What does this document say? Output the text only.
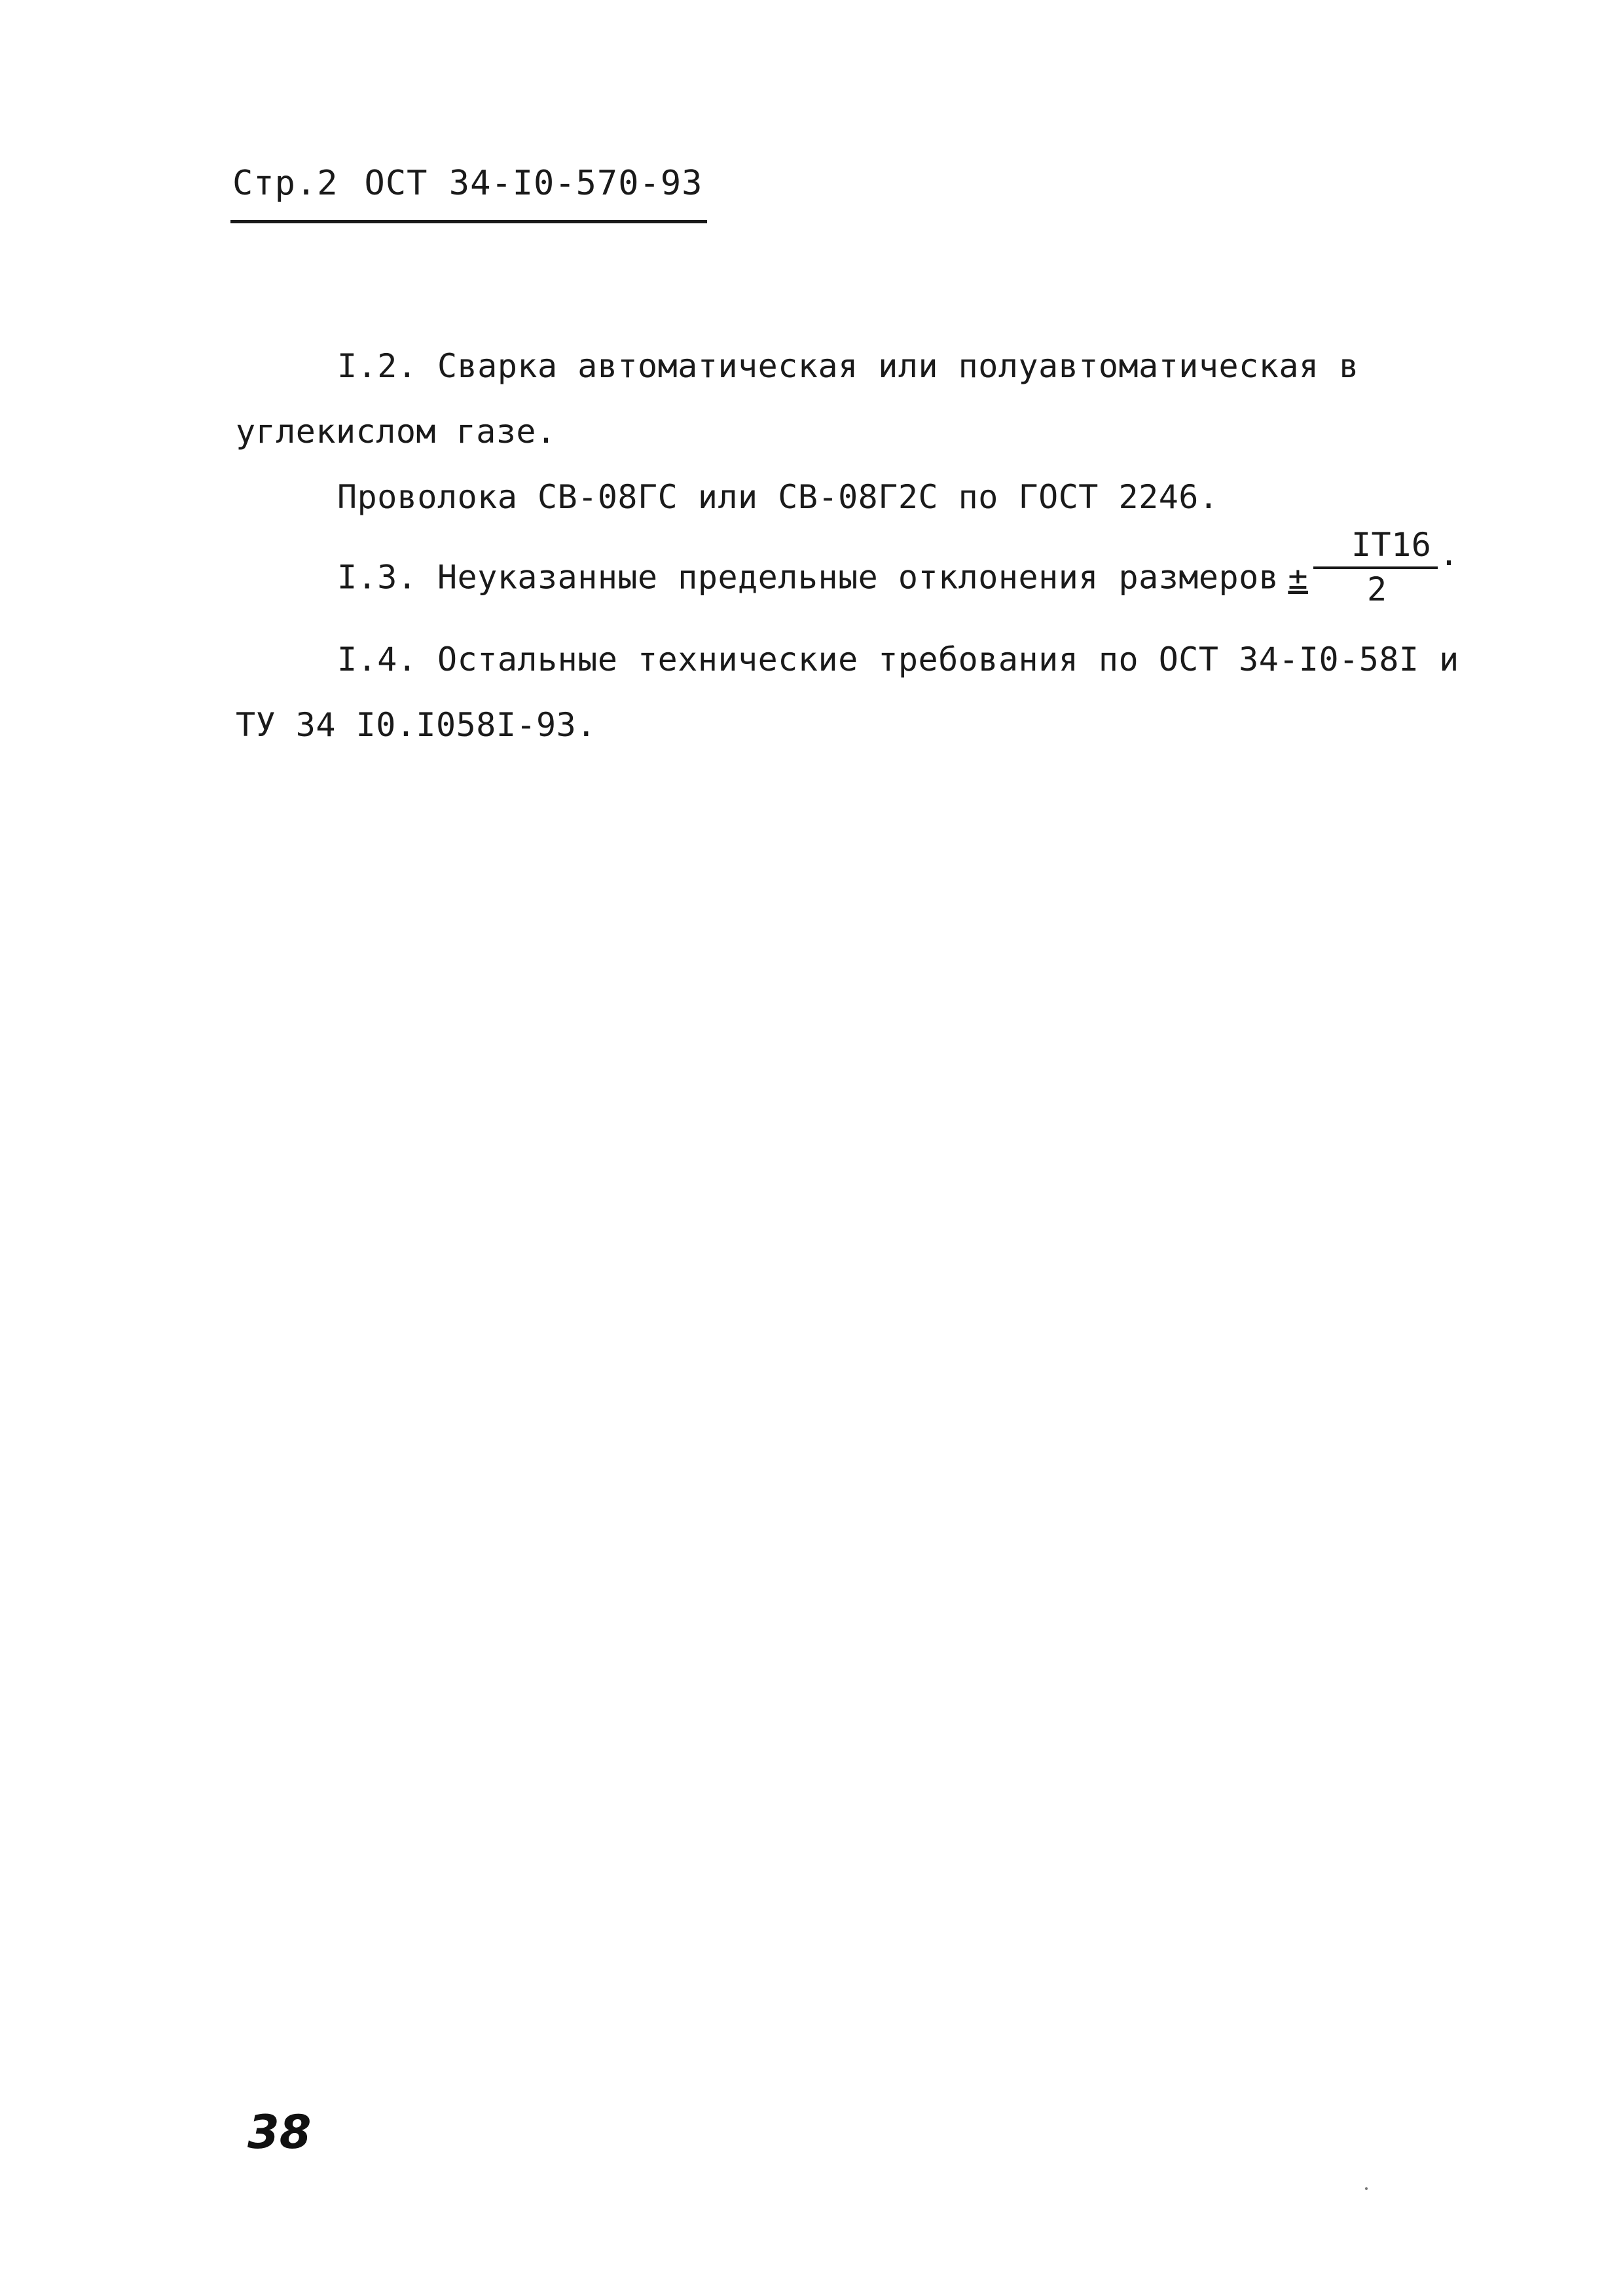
Стр.2 ОСТ 34-I0-570-93
I.2. Сварка автоматическая или полуавтоматическая в
углекислом газе.
Проволока СВ-08ГС или СВ-08Г2С по ГОСТ 2246.
I.3. Неуказанные предельные отклонения размеров ±
IT16
2
.
I.4. Остальные технические требования по ОСТ 34-I0-58I и
ТУ 34 I0.I058I-93.
38
